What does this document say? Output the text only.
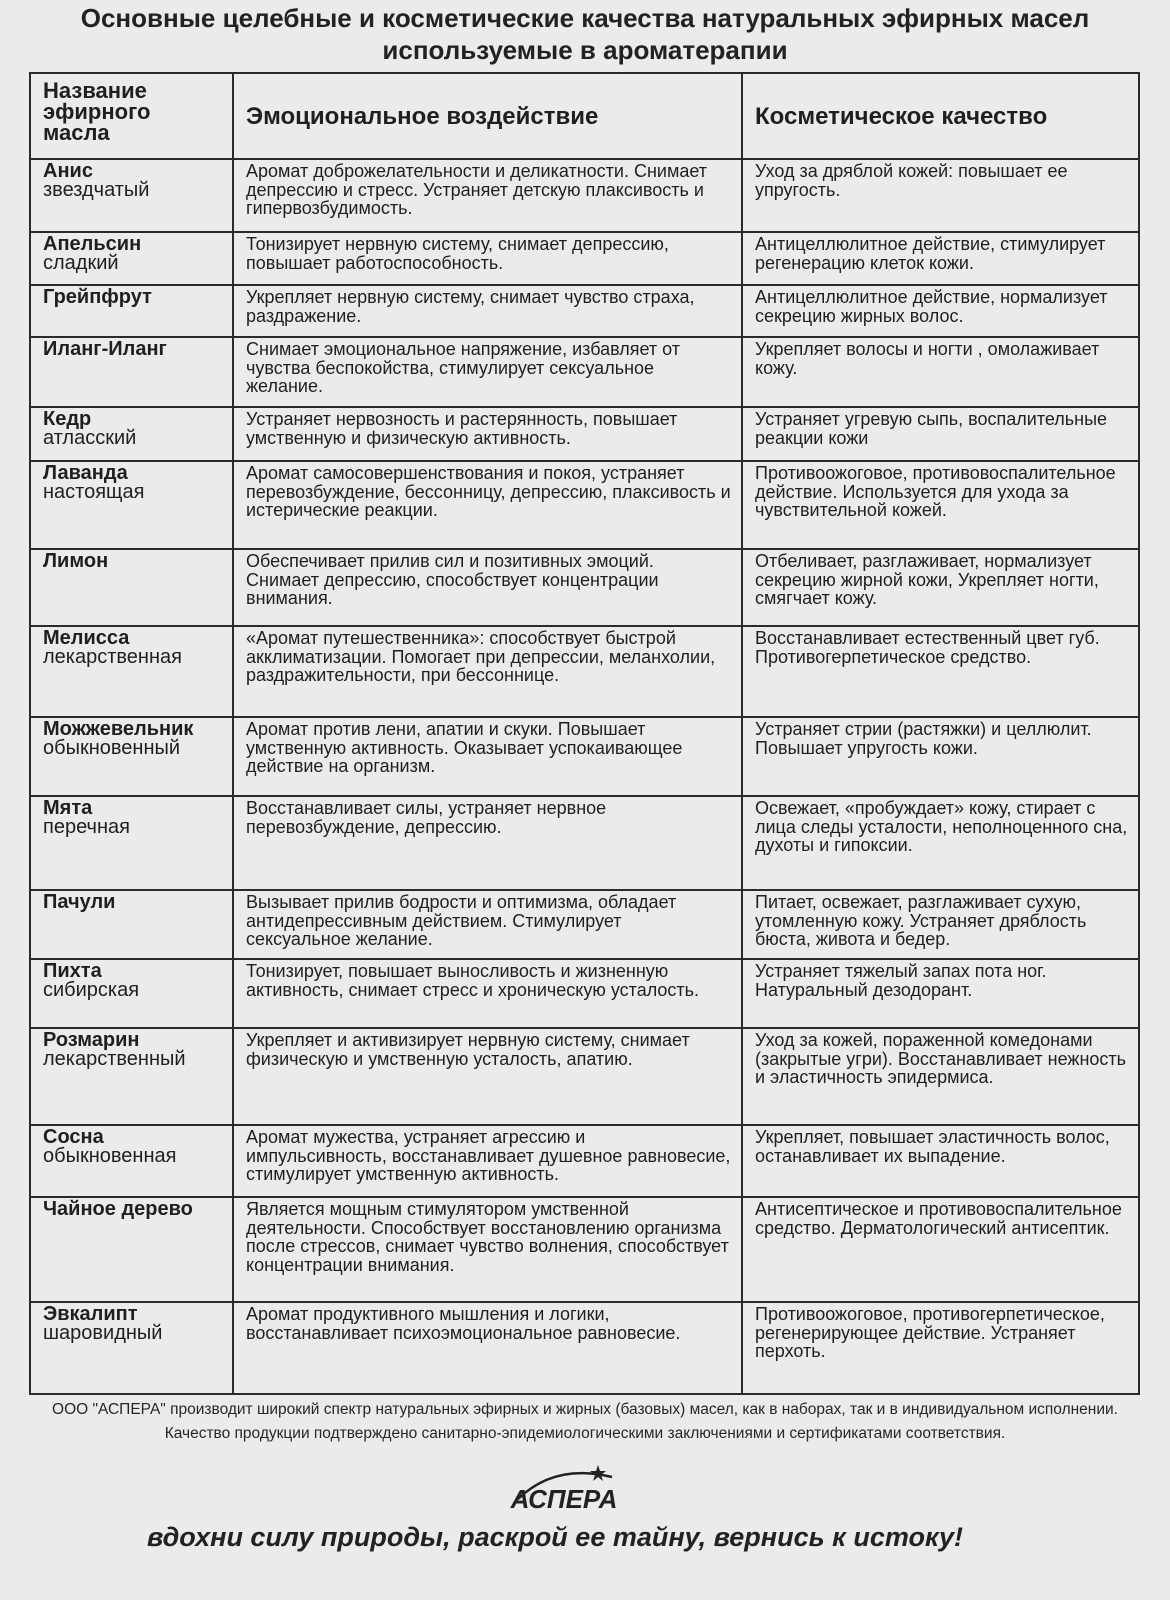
Основные целебные и косметические качества натуральных эфирных масел
используемые в ароматерапии
Название эфирного масла	Эмоциональное воздействие	Косметическое качество

Анис
звездчатый	Аромат доброжелательности и деликатности. Снимает депрессию и стресс. Устраняет детскую плаксивость и гипервозбудимость.	Уход за дряблой кожей: повышает ее упругость.

Апельсин
сладкий	Тонизирует нервную систему, снимает депрессию, повышает работоспособность.	Антицеллюлитное действие, стимулирует регенерацию клеток кожи.

Грейпфрут	Укрепляет нервную систему, снимает чувство страха, раздражение.	Антицеллюлитное действие, нормализует секрецию жирных волос.

Иланг-Иланг	Снимает эмоциональное напряжение, избавляет от чувства беспокойства, стимулирует сексуальное желание.	Укрепляет волосы и ногти , омолаживает кожу.

Кедр
атласский	Устраняет нервозность и растерянность, повышает умственную и физическую активность.	Устраняет угревую сыпь, воспалительные реакции кожи

Лаванда
настоящая	Аромат самосовершенствования и покоя, устраняет перевозбуждение, бессонницу, депрессию, плаксивость и истерические реакции.	Противоожоговое, противовоспалительное действие. Используется для ухода за чувствительной кожей.

Лимон	Обеспечивает прилив сил и позитивных эмоций. Снимает депрессию, способствует концентрации внимания.	Отбеливает, разглаживает, нормализует секрецию жирной кожи, Укрепляет ногти, смягчает кожу.

Мелисса
лекарственная	«Аромат путешественника»: способствует быстрой акклиматизации. Помогает при депрессии, меланхолии, раздражительности, при бессоннице.	Восстанавливает естественный цвет губ. Противогерпетическое средство.

Можжевельник
обыкновенный	Аромат против лени, апатии и скуки. Повышает умственную активность. Оказывает успокаивающее действие на организм.	Устраняет стрии (растяжки) и целлюлит. Повышает упругость кожи.

Мята
перечная	Восстанавливает силы, устраняет нервное перевозбуждение, депрессию.	Освежает, «пробуждает» кожу, стирает с лица следы усталости, неполноценного сна, духоты и гипоксии.

Пачули	Вызывает прилив бодрости и оптимизма, обладает антидепрессивным действием. Стимулирует сексуальное желание.	Питает, освежает, разглаживает сухую, утомленную кожу. Устраняет дряблость бюста, живота и бедер.

Пихта
сибирская	Тонизирует, повышает выносливость и жизненную активность, снимает стресс и хроническую усталость.	Устраняет тяжелый запах пота ног. Натуральный дезодорант.

Розмарин
лекарственный	Укрепляет и активизирует нервную систему, снимает физическую и умственную усталость, апатию.	Уход за кожей, пораженной комедонами (закрытые угри). Восстанавливает нежность и эластичность эпидермиса.

Сосна
обыкновенная	Аромат мужества, устраняет агрессию и импульсивность, восстанавливает душевное равновесие, стимулирует умственную активность.	Укрепляет, повышает эластичность волос, останавливает их выпадение.

Чайное дерево	Является мощным стимулятором умственной деятельности. Способствует восстановлению организма после стрессов, снимает чувство волнения, способствует концентрации внимания.	Антисептическое и противовоспалительное средство. Дерматологический антисептик.

Эвкалипт
шаровидный	Аромат продуктивного мышления и логики, восстанавливает психоэмоциональное равновесие.	Противоожоговое, противогерпетическое, регенерирующее действие. Устраняет перхоть.
ООО "АСПЕРА" производит широкий спектр натуральных эфирных и жирных (базовых) масел, как в наборах, так и в индивидуальном исполнении. Качество продукции подтверждено санитарно-эпидемиологическими заключениями и сертификатами соответствия.
АСПЕРА
вдохни силу природы, раскрой ее тайну, вернись к истоку!
